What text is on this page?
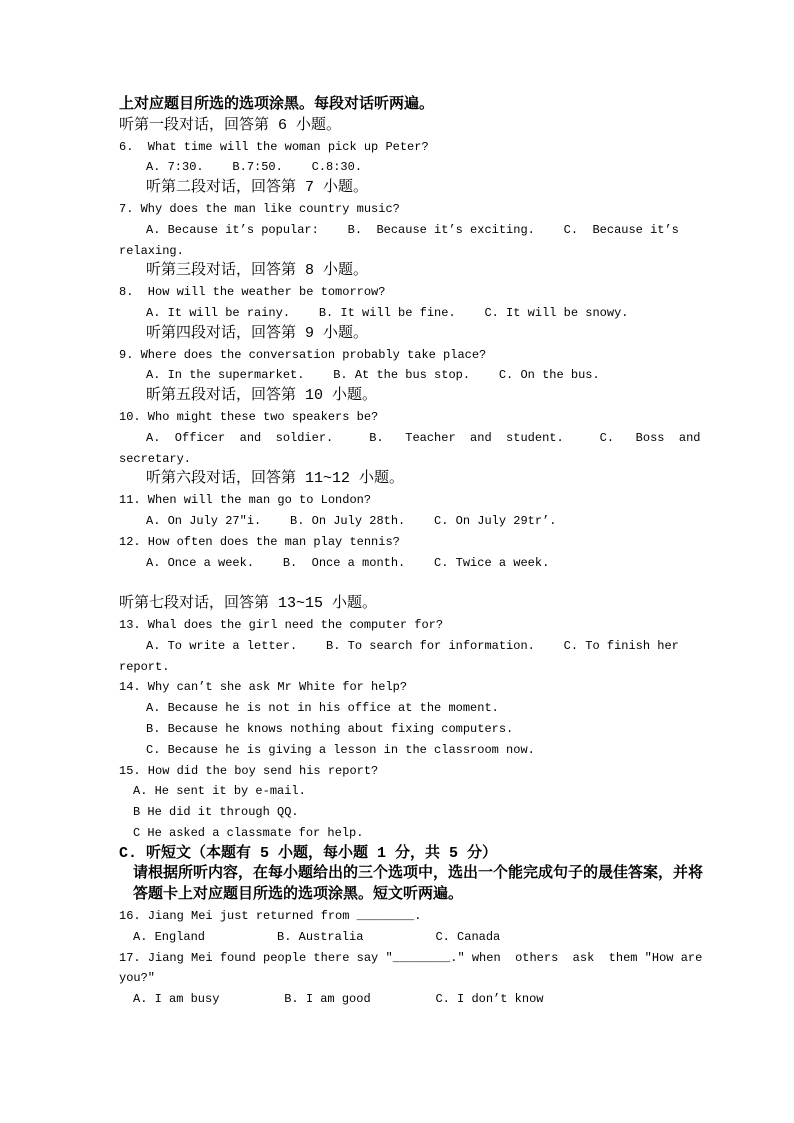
上对应题目所选的选项涂黑。每段对话听两遍。
听第一段对话，回答第 6 小题。
6.  What time will the woman pick up Peter?
A. 7:30.    B.7:50.    C.8:30.
听第二段对话，回答第 7 小题。
7. Why does the man like country music?
A. Because it’s popular:    B.  Because it’s exciting.    C.  Because it’s
relaxing.
听第三段对话，回答第 8 小题。
8.  How will the weather be tomorrow?
A. It will be rainy.    B. It will be fine.    C. It will be snowy.
听第四段对话，回答第 9 小题。
9. Where does the conversation probably take place?
A. In the supermarket.    B. At the bus stop.    C. On the bus.
昕第五段对话，回答第 10 小题。
10. Who might these two speakers be?
A.  Officer  and  soldier.     B.   Teacher  and  student.     C.   Boss  and
secretary.
听第六段对话，回答第 11~12 小题。
11. When will the man go to London?
A. On July 27″i.    B. On July 28th.    C. On July 29tr’.
12. How often does the man play tennis?
A. Once a week.    B.  Once a month.    C. Twice a week.

听第七段对话，回答第 13~15 小题。
13. Whal does the girl need the computer for?
A. To write a letter.    B. To search for information.    C. To finish her
report.
14. Why can’t she ask Mr White for help?
A. Because he is not in his office at the moment.
B. Because he knows nothing about fixing computers.
C. Because he is giving a lesson in the classroom now.
15. How did the boy send his report?
A. He sent it by e-mail.
B He did it through QQ.
C He asked a classmate for help.
C. 听短文（本题有 5 小题，每小题 1 分，共 5 分）
请根据所听内容，在每小题给出的三个选项中，选出一个能完成句子的晟佳答案，并将
答题卡上对应题目所选的选项涂黑。短文听两遍。
16. Jiang Mei just returned from ________.
A. England          B. Australia          C. Canada
17. Jiang Mei found people there say ″________.″ when  others  ask  them ″How are
you?″
A. I am busy         B. I am good         C. I don’t know
